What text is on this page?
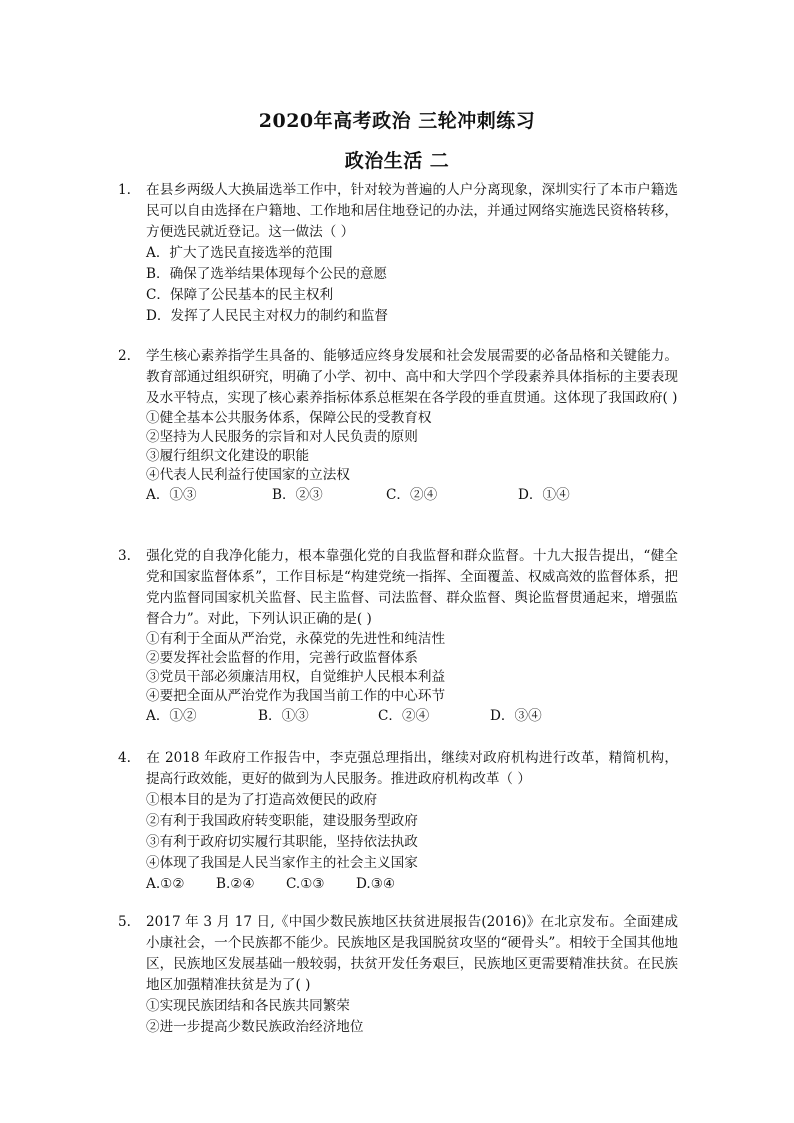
2020年高考政治 三轮冲刺练习
政治生活 二

1. 在县乡两级人大换届选举工作中，针对较为普遍的人户分离现象，深圳实行了本市户籍选民可以自由选择在户籍地、工作地和居住地登记的办法，并通过网络实施选民资格转移，方便选民就近登记。这一做法（ ）

A．扩大了选民直接选举的范围

B．确保了选举结果体现每个公民的意愿

C．保障了公民基本的民主权利

D．发挥了人民民主对权力的制约和监督

2. 学生核心素养指学生具备的、能够适应终身发展和社会发展需要的必备品格和关键能力。教育部通过组织研究，明确了小学、初中、高中和大学四个学段素养具体指标的主要表现及水平特点，实现了核心素养指标体系总框架在各学段的垂直贯通。这体现了我国政府( )

①健全基本公共服务体系，保障公民的受教育权

②坚持为人民服务的宗旨和对人民负责的原则

③履行组织文化建设的职能

④代表人民利益行使国家的立法权

A．①③	B．②③	C．②④	D．①④

3. 强化党的自我净化能力，根本靠强化党的自我监督和群众监督。十九大报告提出，“健全党和国家监督体系”，工作目标是“构建党统一指挥、全面覆盖、权威高效的监督体系，把党内监督同国家机关监督、民主监督、司法监督、群众监督、舆论监督贯通起来，增强监督合力”。对此，下列认识正确的是( )

①有利于全面从严治党，永葆党的先进性和纯洁性

②要发挥社会监督的作用，完善行政监督体系

③党员干部必须廉洁用权，自觉维护人民根本利益

④要把全面从严治党作为我国当前工作的中心环节

A．①②	B．①③	C．②④	D．③④

4. 在 2018 年政府工作报告中，李克强总理指出，继续对政府机构进行改革，精简机构，提高行政效能，更好的做到为人民服务。推进政府机构改革（ ）

①根本目的是为了打造高效便民的政府

②有利于我国政府转变职能，建设服务型政府

③有利于政府切实履行其职能，坚持依法执政

④体现了我国是人民当家作主的社会主义国家

A.①② B.②④ C.①③ D.③④

5. 2017 年 3 月 17 日,《中国少数民族地区扶贫进展报告(2016)》在北京发布。全面建成小康社会，一个民族都不能少。民族地区是我国脱贫攻坚的“硬骨头”。相较于全国其他地区，民族地区发展基础一般较弱，扶贫开发任务艰巨，民族地区更需要精准扶贫。在民族地区加强精准扶贫是为了( )

①实现民族团结和各民族共同繁荣

②进一步提高少数民族政治经济地位
